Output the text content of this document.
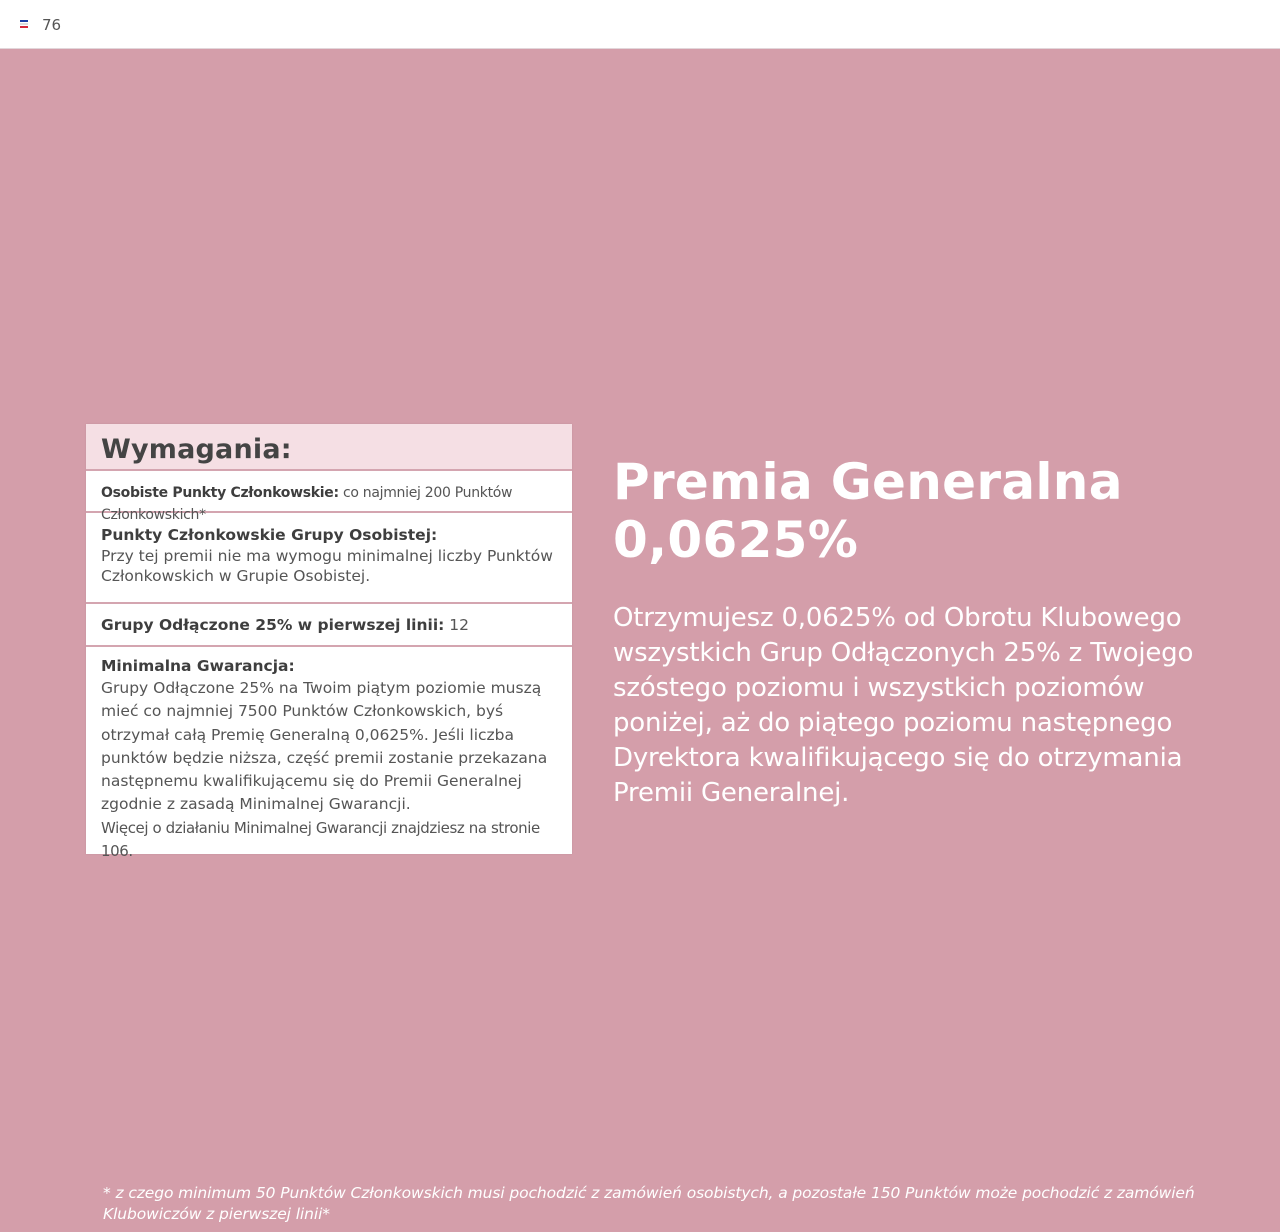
76
Wymagania:
Osobiste Punkty Członkowskie: co najmniej 200 Punktów Członkowskich*
Punkty Członkowskie Grupy Osobistej:
Przy tej premii nie ma wymogu minimalnej liczby Punktów Członkowskich w Grupie Osobistej.
Grupy Odłączone 25% w pierwszej linii: 12
Minimalna Gwarancja:
Grupy Odłączone 25% na Twoim piątym poziomie muszą mieć co najmniej 7500 Punktów Członkowskich, byś otrzymał całą Premię Generalną 0,0625%. Jeśli liczba punktów będzie niższa, część premii zostanie przekazana następnemu kwalifikującemu się do Premii Generalnej zgodnie z zasadą Minimalnej Gwarancji.
Więcej o działaniu Minimalnej Gwarancji znajdziesz na stronie 106.
Premia Generalna
0,0625%
Otrzymujesz 0,0625% od Obrotu Klubowego wszystkich Grup Odłączonych 25% z Twojego szóstego poziomu i wszystkich poziomów poniżej, aż do piątego poziomu następnego Dyrektora kwalifikującego się do otrzymania Premii Generalnej.
* z czego minimum 50 Punktów Członkowskich musi pochodzić z zamówień osobistych, a pozostałe 150 Punktów może pochodzić z zamówień Klubowiczów z pierwszej linii*
